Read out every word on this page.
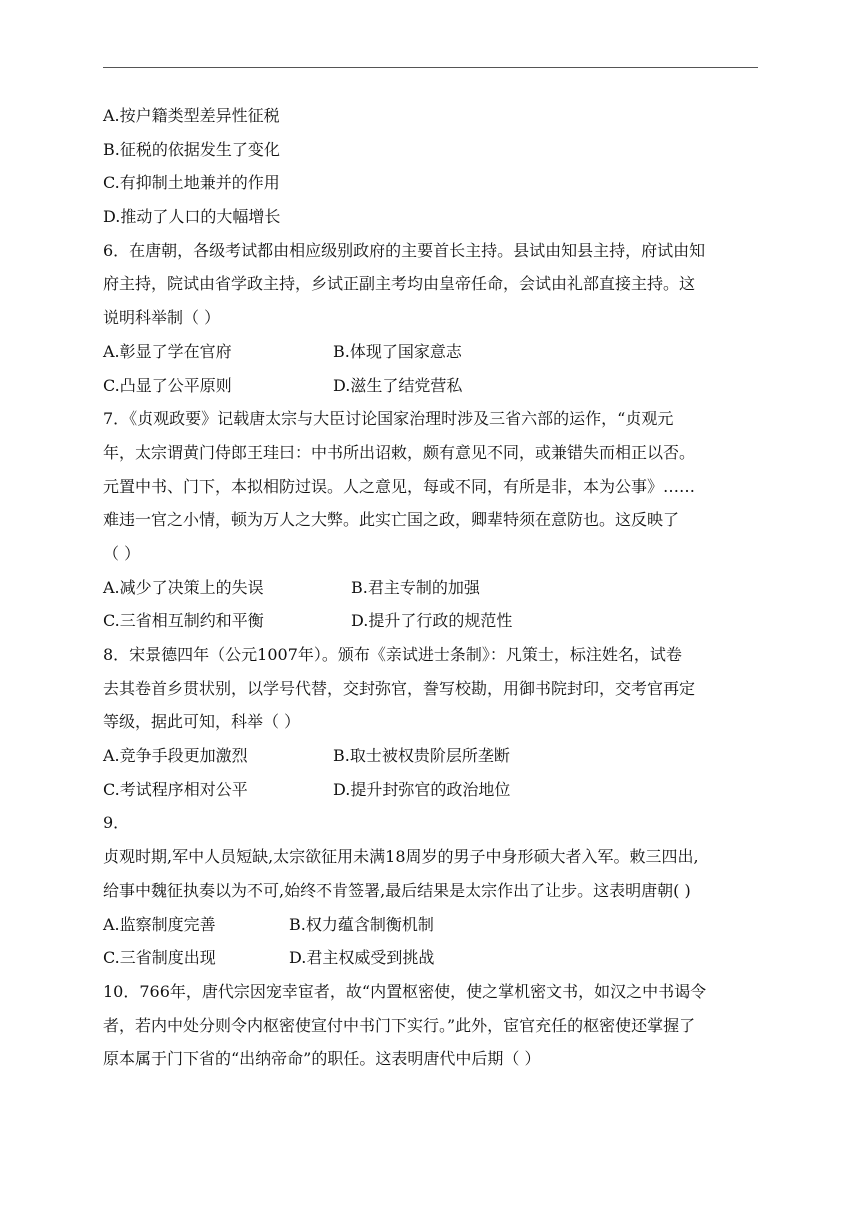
A.按户籍类型差异性征税
B.征税的依据发生了变化
C.有抑制土地兼并的作用
D.推动了人口的大幅增长
6．在唐朝，各级考试都由相应级别政府的主要首长主持。县试由知县主持，府试由知
府主持，院试由省学政主持，乡试正副主考均由皇帝任命，会试由礼部直接主持。这
说明科举制（ ）
A.彰显了学在官府	B.体现了国家意志
C.凸显了公平原则	D.滋生了结党营私
7．《贞观政要》记载唐太宗与大臣讨论国家治理时涉及三省六部的运作，“贞观元
年，太宗谓黄门侍郎王珪曰：中书所出诏敕，颇有意见不同，或兼错失而相正以否。
元置中书、门下，本拟相防过误。人之意见，每或不同，有所是非，本为公事》……
难违一官之小情，顿为万人之大弊。此实亡国之政，卿辈特须在意防也。这反映了
（ ）
A.减少了决策上的失误	B.君主专制的加强
C.三省相互制约和平衡	D.提升了行政的规范性
8．宋景德四年（公元1007年）。颁布《亲试进士条制》：凡策士，标注姓名，试卷
去其卷首乡贯状别，以学号代替，交封弥官，誊写校勘，用御书院封印，交考官再定
等级，据此可知，科举（ ）
A.竞争手段更加激烈	B.取士被权贵阶层所垄断
C.考试程序相对公平	D.提升封弥官的政治地位
9．
贞观时期,军中人员短缺,太宗欲征用未满18周岁的男子中身形硕大者入军。敕三四出,
给事中魏征执奏以为不可,始终不肯签署,最后结果是太宗作出了让步。这表明唐朝( )
A.监察制度完善	B.权力蕴含制衡机制
C.三省制度出现	D.君主权威受到挑战
10．766年，唐代宗因宠幸宦者，故“内置枢密使，使之掌机密文书，如汉之中书谒令
者，若内中处分则令内枢密使宣付中书门下实行。”此外，宦官充任的枢密使还掌握了
原本属于门下省的“出纳帝命”的职任。这表明唐代中后期（ ）
